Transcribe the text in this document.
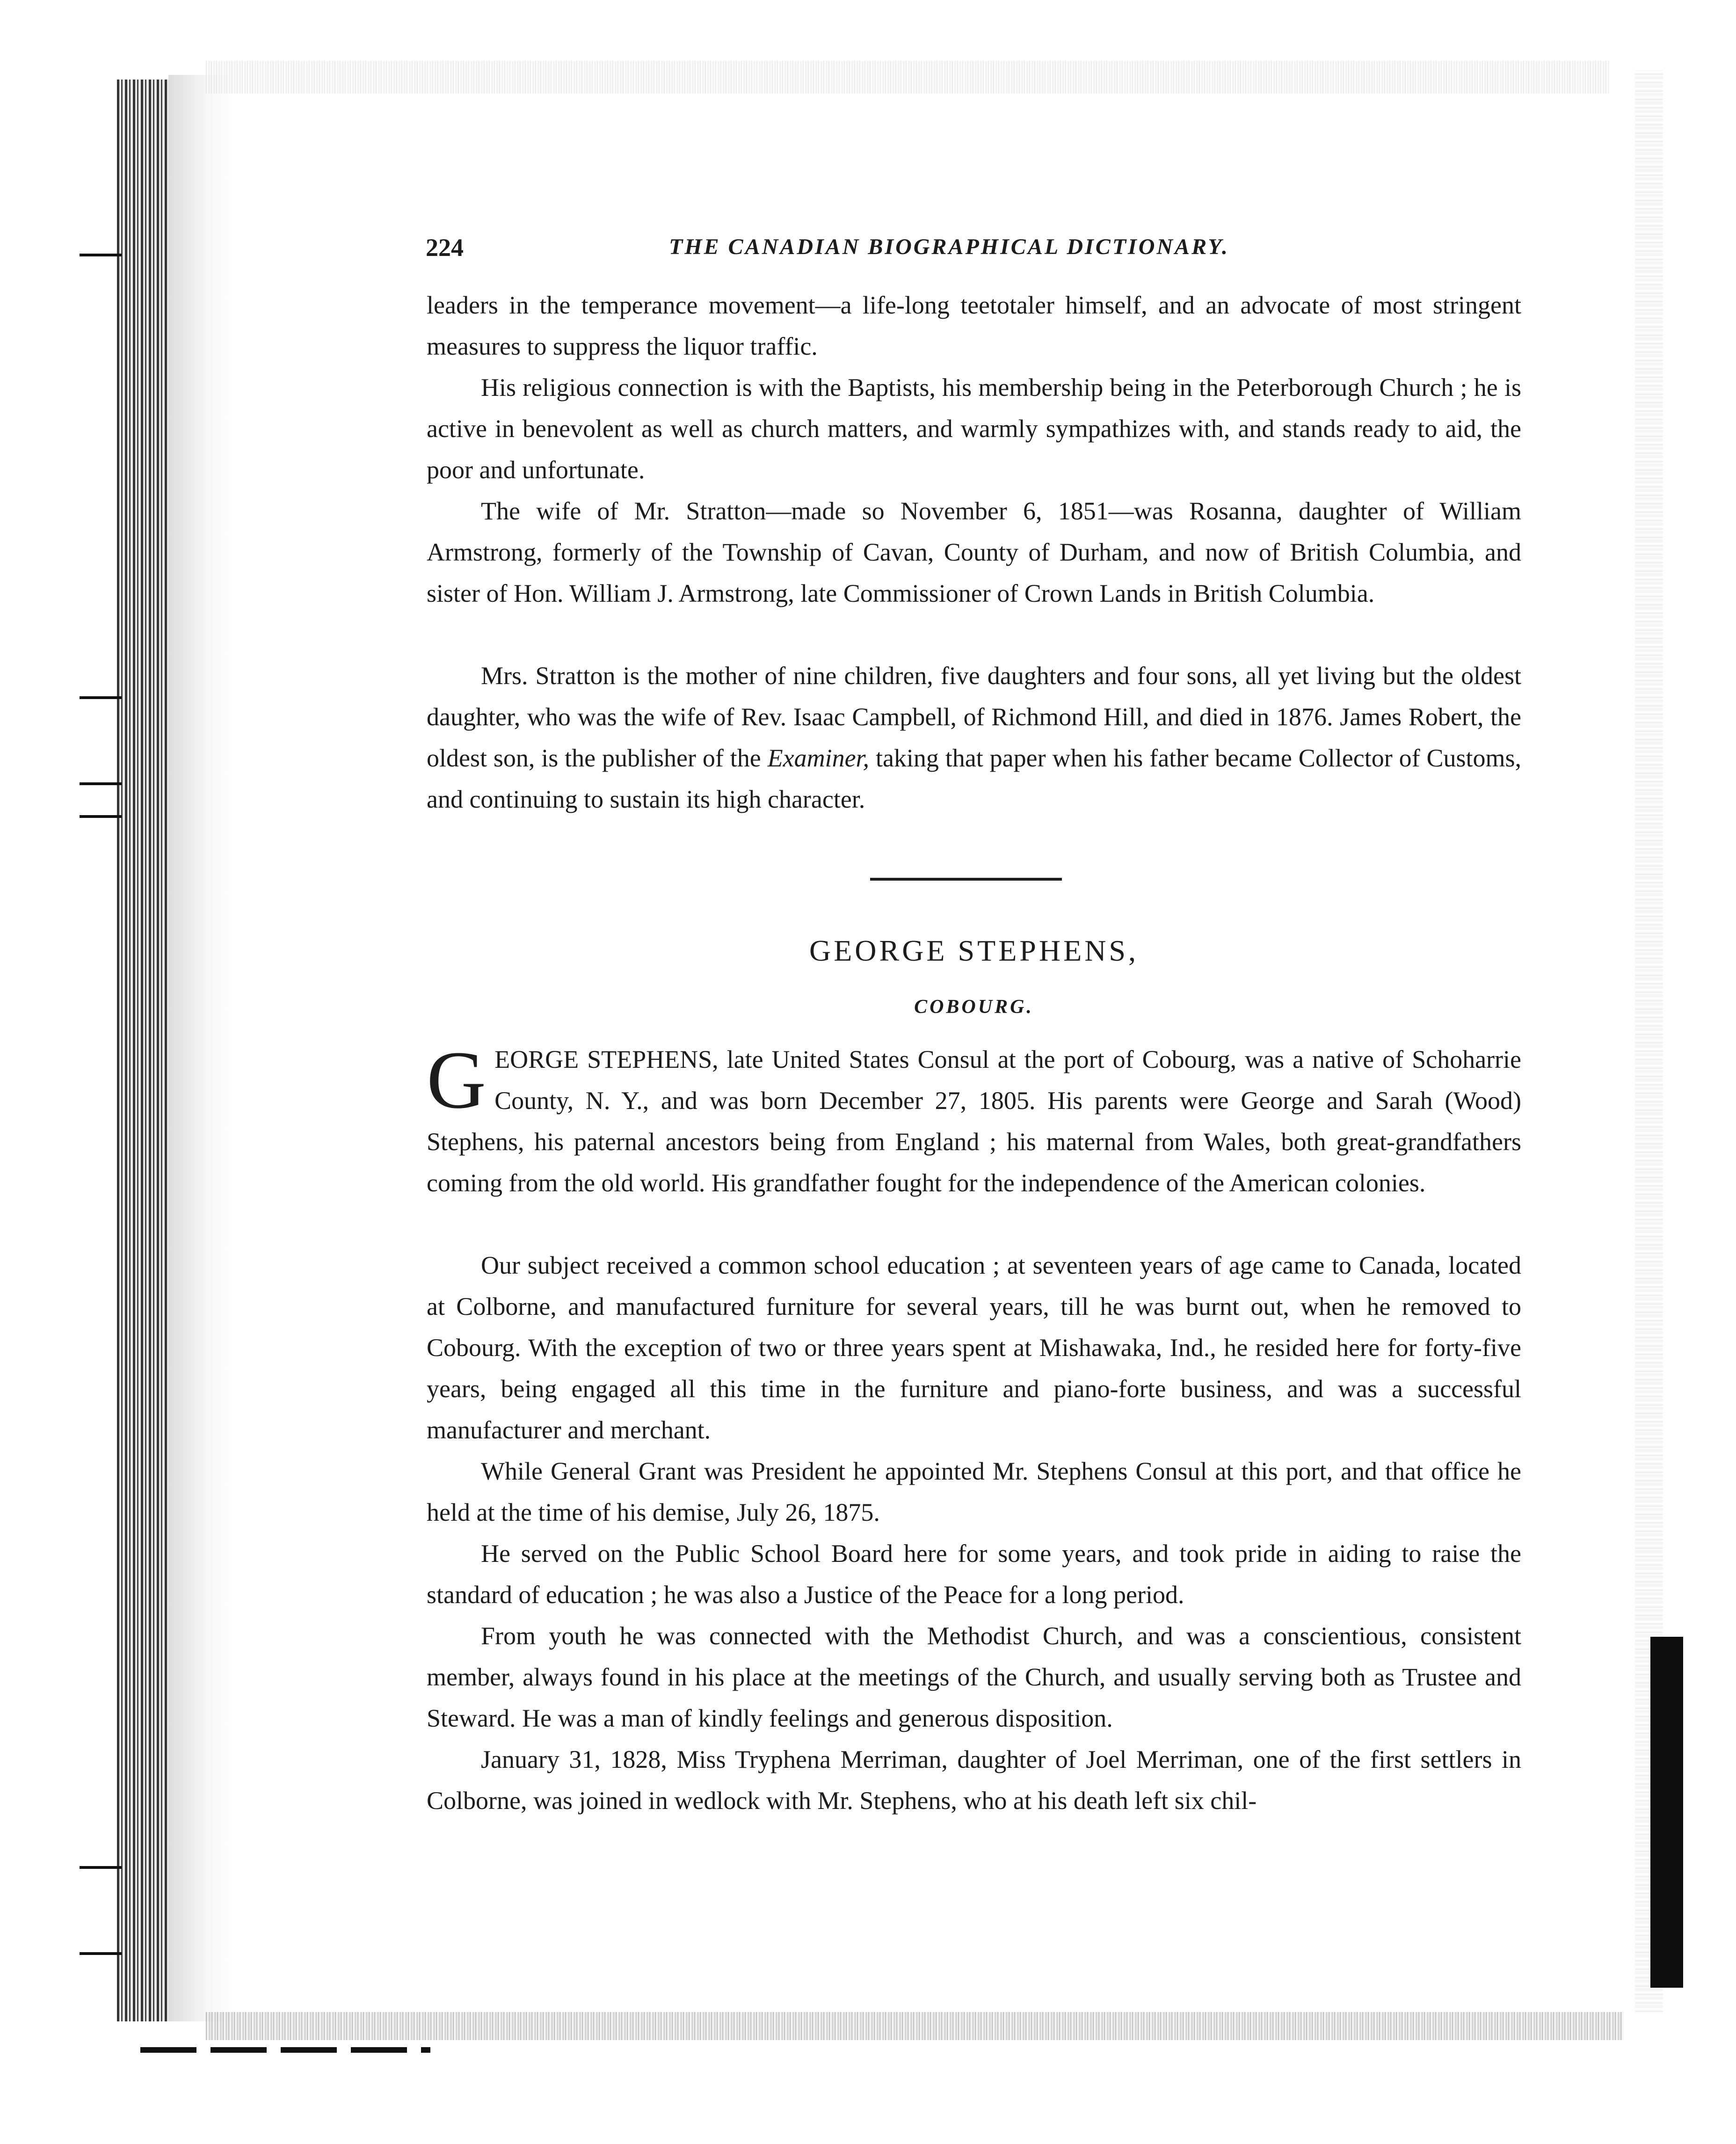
224	THE CANADIAN BIOGRAPHICAL DICTIONARY.

leaders in the temperance movement—a life-long teetotaler himself, and an advocate of most stringent measures to suppress the liquor traffic.

His religious connection is with the Baptists, his membership being in the Peterborough Church ; he is active in benevolent as well as church matters, and warmly sympathizes with, and stands ready to aid, the poor and unfortunate.

The wife of Mr. Stratton—made so November 6, 1851—was Rosanna, daughter of William Armstrong, formerly of the Township of Cavan, County of Durham, and now of British Columbia, and sister of Hon. William J. Armstrong, late Commissioner of Crown Lands in British Columbia.

Mrs. Stratton is the mother of nine children, five daughters and four sons, all yet living but the oldest daughter, who was the wife of Rev. Isaac Campbell, of Richmond Hill, and died in 1876. James Robert, the oldest son, is the publisher of the Examiner, taking that paper when his father became Collector of Customs, and continuing to sustain its high character.

GEORGE STEPHENS,
COBOURG.

GEORGE STEPHENS, late United States Consul at the port of Cobourg, was a native of Schoharrie County, N. Y., and was born December 27, 1805. His parents were George and Sarah (Wood) Stephens, his paternal ancestors being from England ; his maternal from Wales, both great-grandfathers coming from the old world. His grandfather fought for the independence of the American colonies.

Our subject received a common school education ; at seventeen years of age came to Canada, located at Colborne, and manufactured furniture for several years, till he was burnt out, when he removed to Cobourg. With the exception of two or three years spent at Mishawaka, Ind., he resided here for forty-five years, being engaged all this time in the furniture and piano-forte business, and was a successful manufacturer and merchant.

While General Grant was President he appointed Mr. Stephens Consul at this port, and that office he held at the time of his demise, July 26, 1875.

He served on the Public School Board here for some years, and took pride in aiding to raise the standard of education ; he was also a Justice of the Peace for a long period.

From youth he was connected with the Methodist Church, and was a conscientious, consistent member, always found in his place at the meetings of the Church, and usually serving both as Trustee and Steward. He was a man of kindly feelings and generous disposition.

January 31, 1828, Miss Tryphena Merriman, daughter of Joel Merriman, one of the first settlers in Colborne, was joined in wedlock with Mr. Stephens, who at his death left six chil-
